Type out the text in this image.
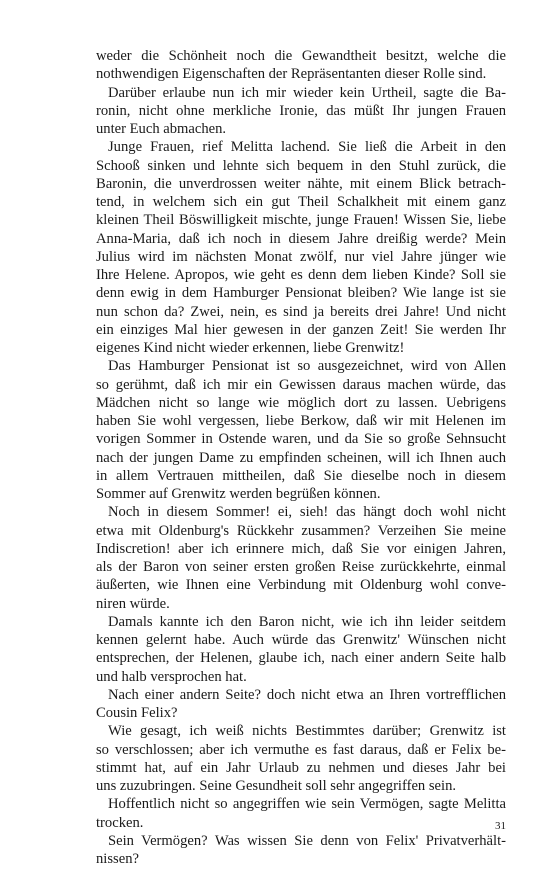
weder die Schönheit noch die Gewandtheit besitzt, welche die
nothwendigen Eigenschaften der Repräsentanten dieser Rolle sind.
Darüber erlaube nun ich mir wieder kein Urtheil, sagte die Ba-
ronin, nicht ohne merkliche Ironie, das müßt Ihr jungen Frauen
unter Euch abmachen.
Junge Frauen, rief Melitta lachend. Sie ließ die Arbeit in den
Schooß sinken und lehnte sich bequem in den Stuhl zurück, die
Baronin, die unverdrossen weiter nähte, mit einem Blick betrach-
tend, in welchem sich ein gut Theil Schalkheit mit einem ganz
kleinen Theil Böswilligkeit mischte, junge Frauen! Wissen Sie, liebe
Anna-Maria, daß ich noch in diesem Jahre dreißig werde? Mein
Julius wird im nächsten Monat zwölf, nur viel Jahre jünger wie
Ihre Helene. Apropos, wie geht es denn dem lieben Kinde? Soll sie
denn ewig in dem Hamburger Pensionat bleiben? Wie lange ist sie
nun schon da? Zwei, nein, es sind ja bereits drei Jahre! Und nicht
ein einziges Mal hier gewesen in der ganzen Zeit! Sie werden Ihr
eigenes Kind nicht wieder erkennen, liebe Grenwitz!
Das Hamburger Pensionat ist so ausgezeichnet, wird von Allen
so gerühmt, daß ich mir ein Gewissen daraus machen würde, das
Mädchen nicht so lange wie möglich dort zu lassen. Uebrigens
haben Sie wohl vergessen, liebe Berkow, daß wir mit Helenen im
vorigen Sommer in Ostende waren, und da Sie so große Sehnsucht
nach der jungen Dame zu empfinden scheinen, will ich Ihnen auch
in allem Vertrauen mittheilen, daß Sie dieselbe noch in diesem
Sommer auf Grenwitz werden begrüßen können.
Noch in diesem Sommer! ei, sieh! das hängt doch wohl nicht
etwa mit Oldenburg's Rückkehr zusammen? Verzeihen Sie meine
Indiscretion! aber ich erinnere mich, daß Sie vor einigen Jahren,
als der Baron von seiner ersten großen Reise zurückkehrte, einmal
äußerten, wie Ihnen eine Verbindung mit Oldenburg wohl conve-
niren würde.
Damals kannte ich den Baron nicht, wie ich ihn leider seitdem
kennen gelernt habe. Auch würde das Grenwitz' Wünschen nicht
entsprechen, der Helenen, glaube ich, nach einer andern Seite halb
und halb versprochen hat.
Nach einer andern Seite? doch nicht etwa an Ihren vortrefflichen
Cousin Felix?
Wie gesagt, ich weiß nichts Bestimmtes darüber; Grenwitz ist
so verschlossen; aber ich vermuthe es fast daraus, daß er Felix be-
stimmt hat, auf ein Jahr Urlaub zu nehmen und dieses Jahr bei
uns zuzubringen. Seine Gesundheit soll sehr angegriffen sein.
Hoffentlich nicht so angegriffen wie sein Vermögen, sagte Melitta
trocken.
Sein Vermögen? Was wissen Sie denn von Felix' Privatverhält-
nissen?
31
